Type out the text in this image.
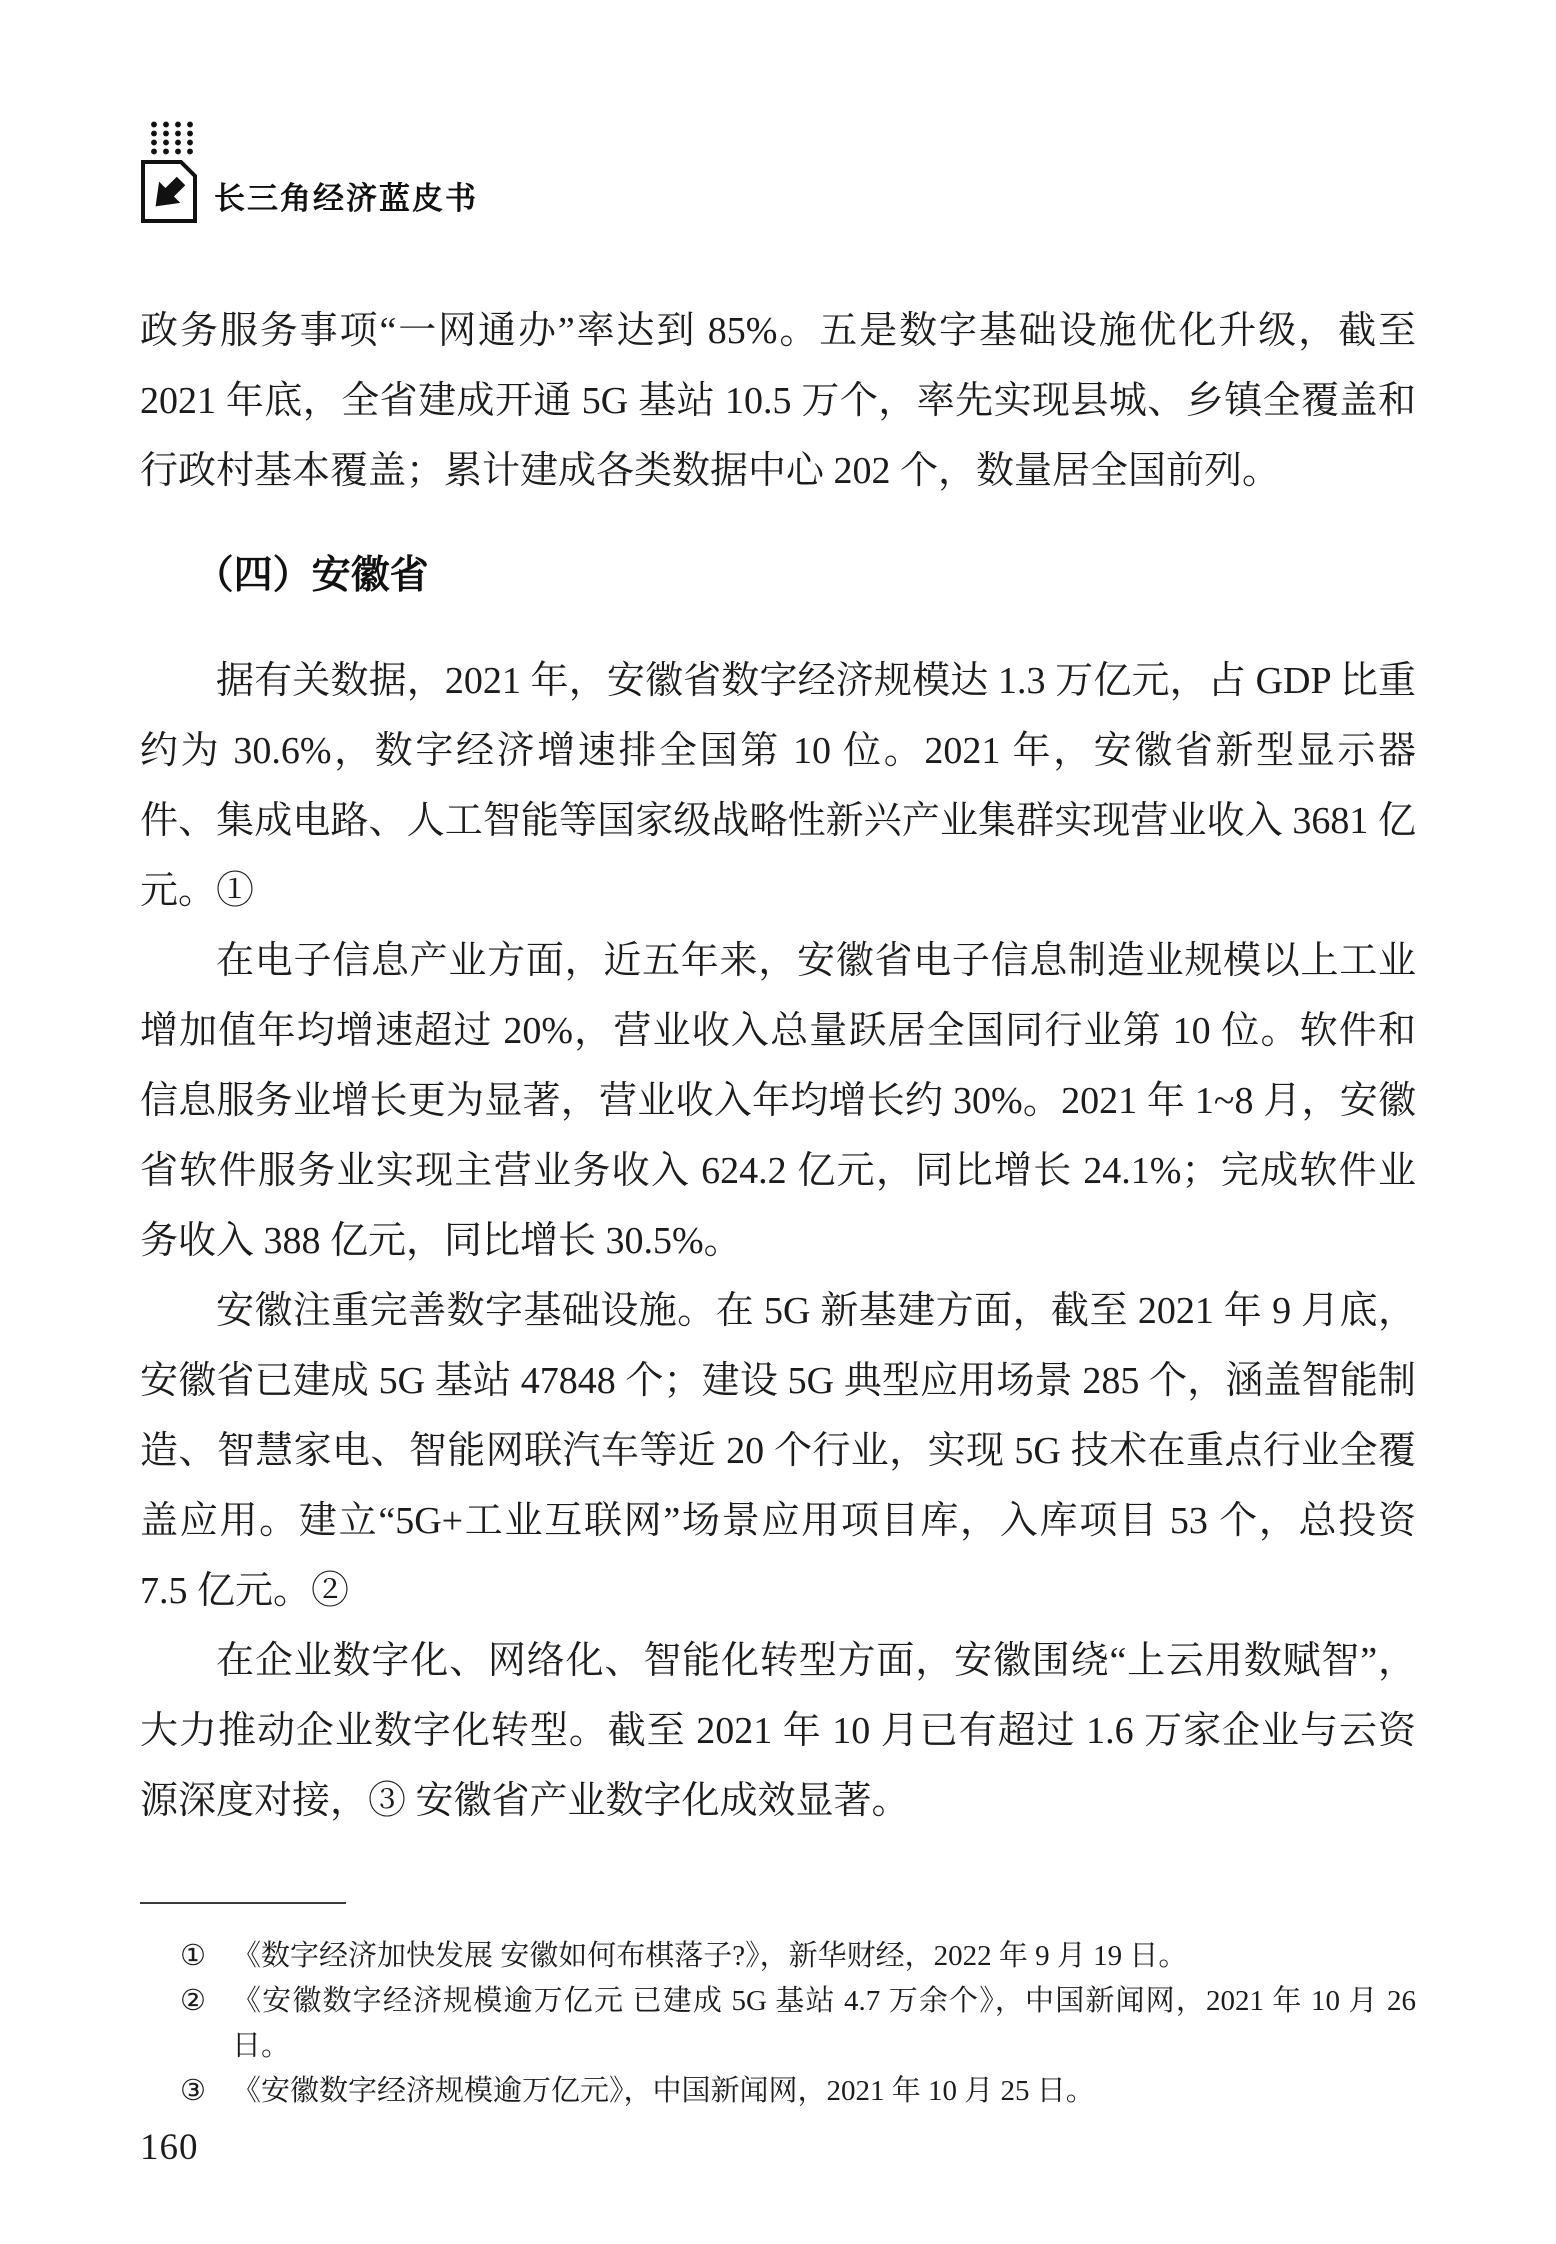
长三角经济蓝皮书

政务服务事项“一网通办”率达到 85%。五是数字基础设施优化升级，截至 2021 年底，全省建成开通 5G 基站 10.5 万个，率先实现县城、乡镇全覆盖和行政村基本覆盖；累计建成各类数据中心 202 个，数量居全国前列。

（四）安徽省

据有关数据，2021 年，安徽省数字经济规模达 1.3 万亿元，占 GDP 比重约为 30.6%，数字经济增速排全国第 10 位。2021 年，安徽省新型显示器件、集成电路、人工智能等国家级战略性新兴产业集群实现营业收入 3681 亿元。①

在电子信息产业方面，近五年来，安徽省电子信息制造业规模以上工业增加值年均增速超过 20%，营业收入总量跃居全国同行业第 10 位。软件和信息服务业增长更为显著，营业收入年均增长约 30%。2021 年 1~8 月，安徽省软件服务业实现主营业务收入 624.2 亿元，同比增长 24.1%；完成软件业务收入 388 亿元，同比增长 30.5%。

安徽注重完善数字基础设施。在 5G 新基建方面，截至 2021 年 9 月底，安徽省已建成 5G 基站 47848 个；建设 5G 典型应用场景 285 个，涵盖智能制造、智慧家电、智能网联汽车等近 20 个行业，实现 5G 技术在重点行业全覆盖应用。建立“5G+工业互联网”场景应用项目库，入库项目 53 个，总投资 7.5 亿元。②

在企业数字化、网络化、智能化转型方面，安徽围绕“上云用数赋智”，大力推动企业数字化转型。截至 2021 年 10 月已有超过 1.6 万家企业与云资源深度对接，③ 安徽省产业数字化成效显著。

① 《数字经济加快发展 安徽如何布棋落子?》，新华财经，2022 年 9 月 19 日。
② 《安徽数字经济规模逾万亿元 已建成 5G 基站 4.7 万余个》，中国新闻网，2021 年 10 月 26 日。
③ 《安徽数字经济规模逾万亿元》，中国新闻网，2021 年 10 月 25 日。
160
